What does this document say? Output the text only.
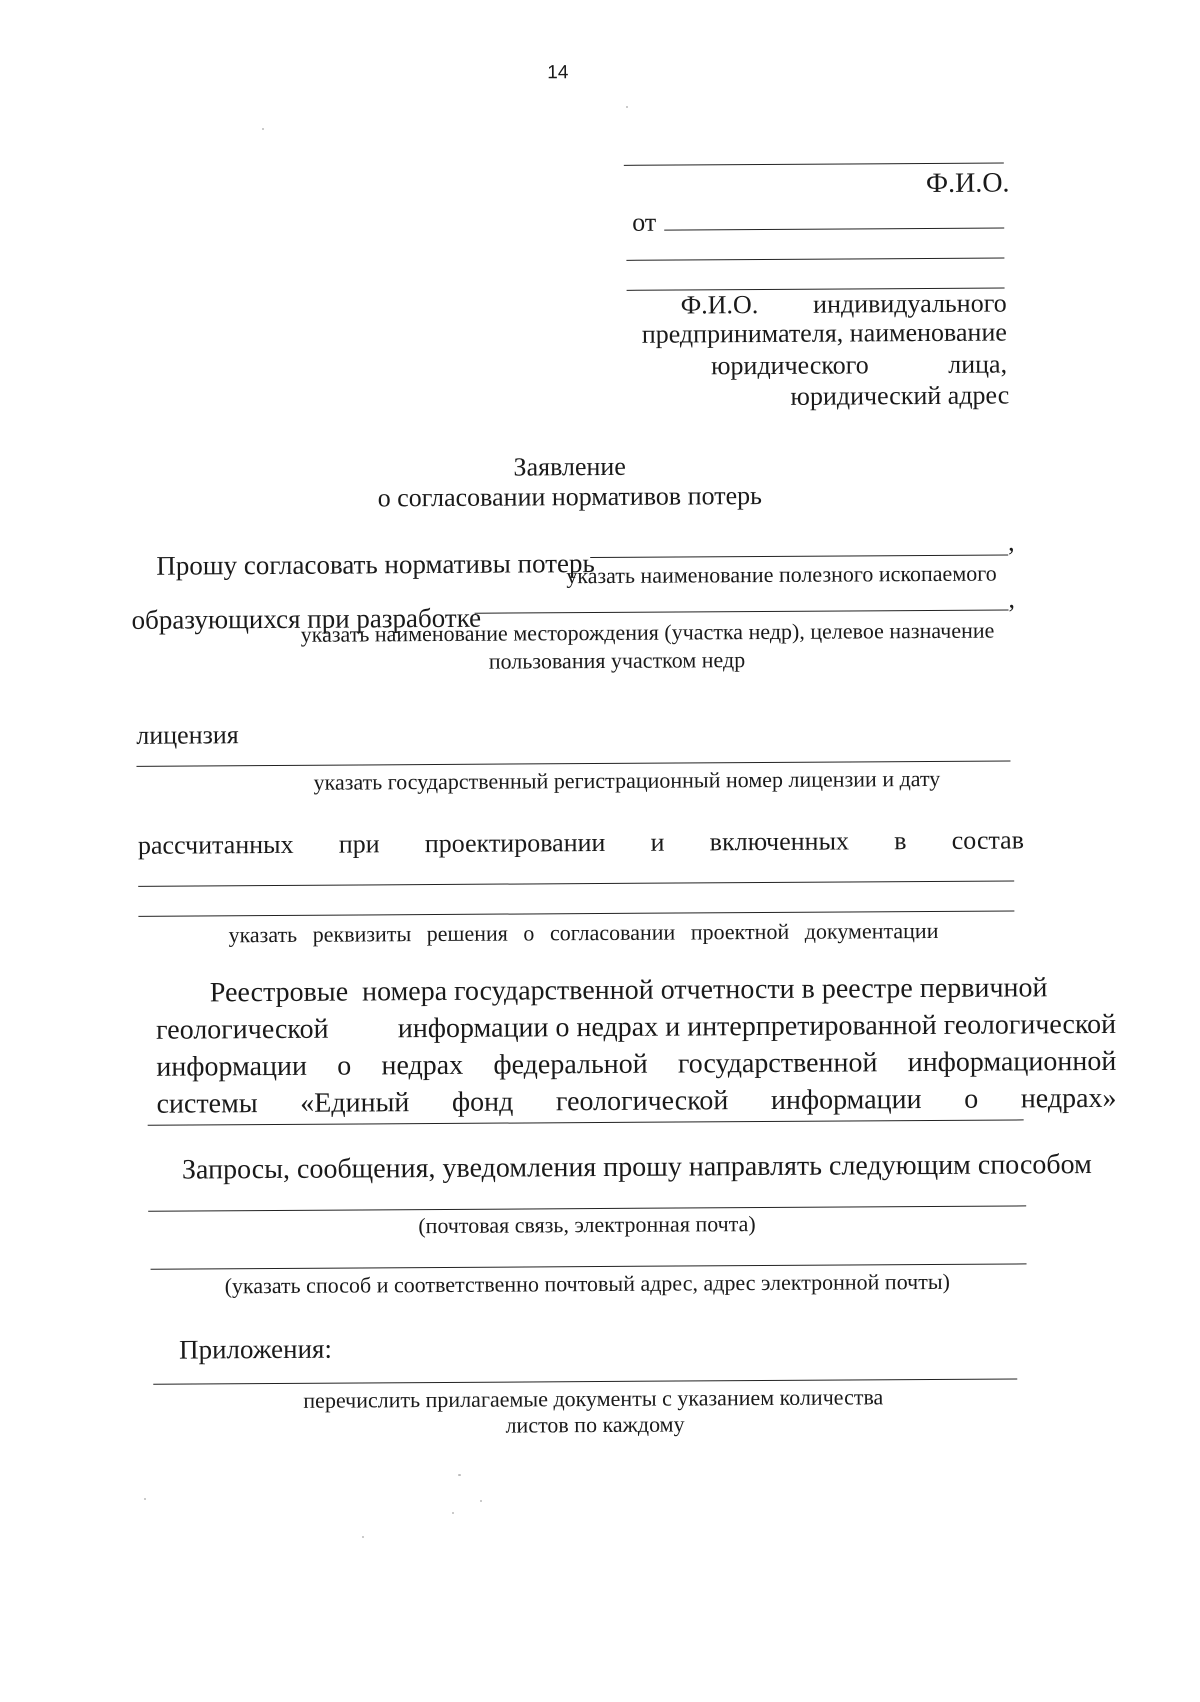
14
Ф.И.О.
от
Ф.И.О. индивидуального
предпринимателя, наименование
юридического	лица,
юридический адрес
Заявление
о согласовании нормативов потерь
Прошу согласовать нормативы потерь
,
указать наименование полезного ископаемого
образующихся при разработке
,
указать наименование месторождения (участка недр), целевое назначение
пользования участком недр
лицензия
указать государственный регистрационный номер лицензии и дату
рассчитанных при проектировании и включенных в состав
указать реквизиты решения о согласовании проектной документации
Реестровые  номера государственной отчетности в реестре первичной
геологической информации о недрах и интерпретированной геологической
информации о недрах федеральной государственной информационной
системы «Единый фонд геологической информации о недрах»
Запросы, сообщения, уведомления прошу направлять следующим способом
(почтовая связь, электронная почта)
(указать способ и соответственно почтовый адрес, адрес электронной почты)
Приложения:
перечислить прилагаемые документы с указанием количества
листов по каждому
